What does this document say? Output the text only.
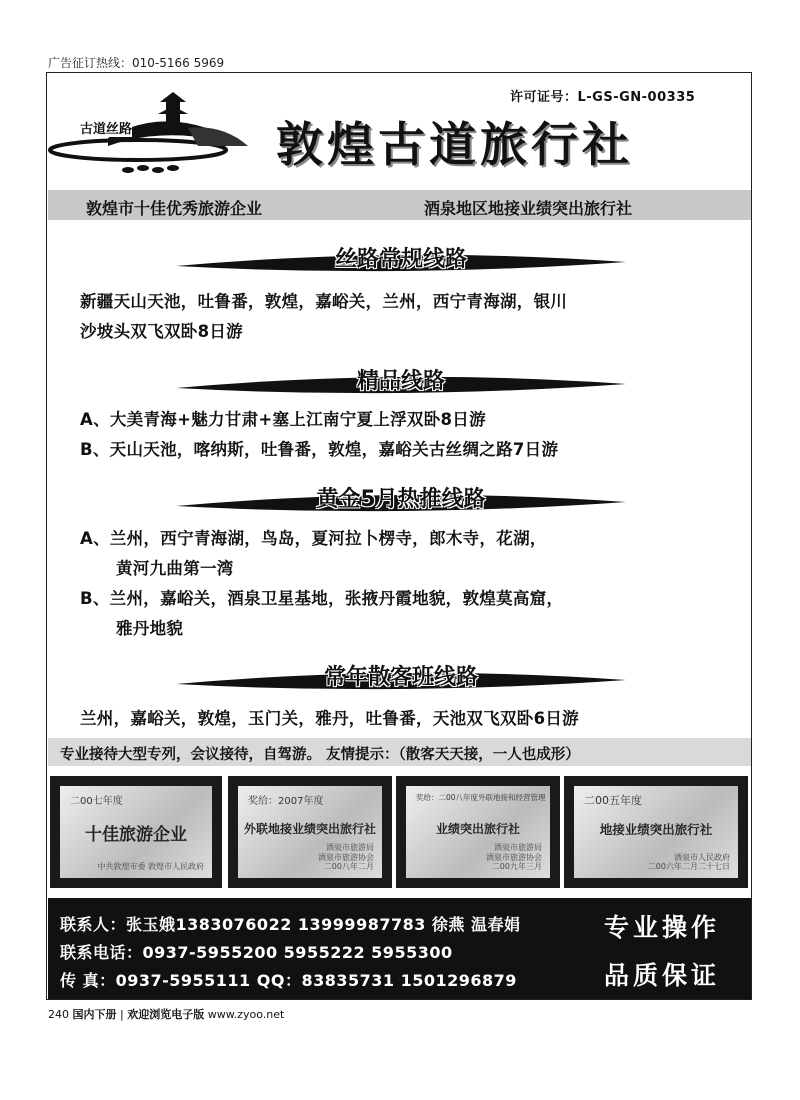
广告征订热线：010-5166 5969
古道丝路
许可证号：L-GS-GN-00335
敦煌古道旅行社
敦煌市十佳优秀旅游企业	酒泉地区地接业绩突出旅行社
丝路常规线路
新疆天山天池，吐鲁番，敦煌，嘉峪关，兰州，西宁青海湖，银川
沙坡头双飞双卧8日游
精品线路
A、大美青海+魅力甘肃+塞上江南宁夏上浮双卧8日游
B、天山天池，喀纳斯，吐鲁番，敦煌，嘉峪关古丝绸之路7日游
黄金5月热推线路
A、兰州，西宁青海湖，鸟岛，夏河拉卜楞寺，郎木寺，花湖，
黄河九曲第一湾
B、兰州，嘉峪关，酒泉卫星基地，张掖丹霞地貌，敦煌莫高窟，
雅丹地貌
常年散客班线路
兰州，嘉峪关，敦煌，玉门关，雅丹，吐鲁番，天池双飞双卧6日游
专业接待大型专列，会议接待，自驾游。 友情提示：（散客天天接，一人也成形）
二00七年度
十佳旅游企业
中共敦煌市委 敦煌市人民政府
奖给：2007年度
外联地接业绩突出旅行社
酒泉市旅游局
酒泉市旅游协会
二00八年二月
奖给：二00八年度外联地接和经营管理
业绩突出旅行社
酒泉市旅游局
酒泉市旅游协会
二00九年三月
二00五年度
地接业绩突出旅行社
酒泉市人民政府
二00六年二月二十七日
联系人：张玉娥13830760​22 13999987783 徐燕 温春娟
联系电话：0937-5955200 5955222 5955300
传 真：0937-5955111 QQ：83835731 1501296879
专业操作
品质保证
240 国内下册 | 欢迎浏览电子版 www.zyoo.net
